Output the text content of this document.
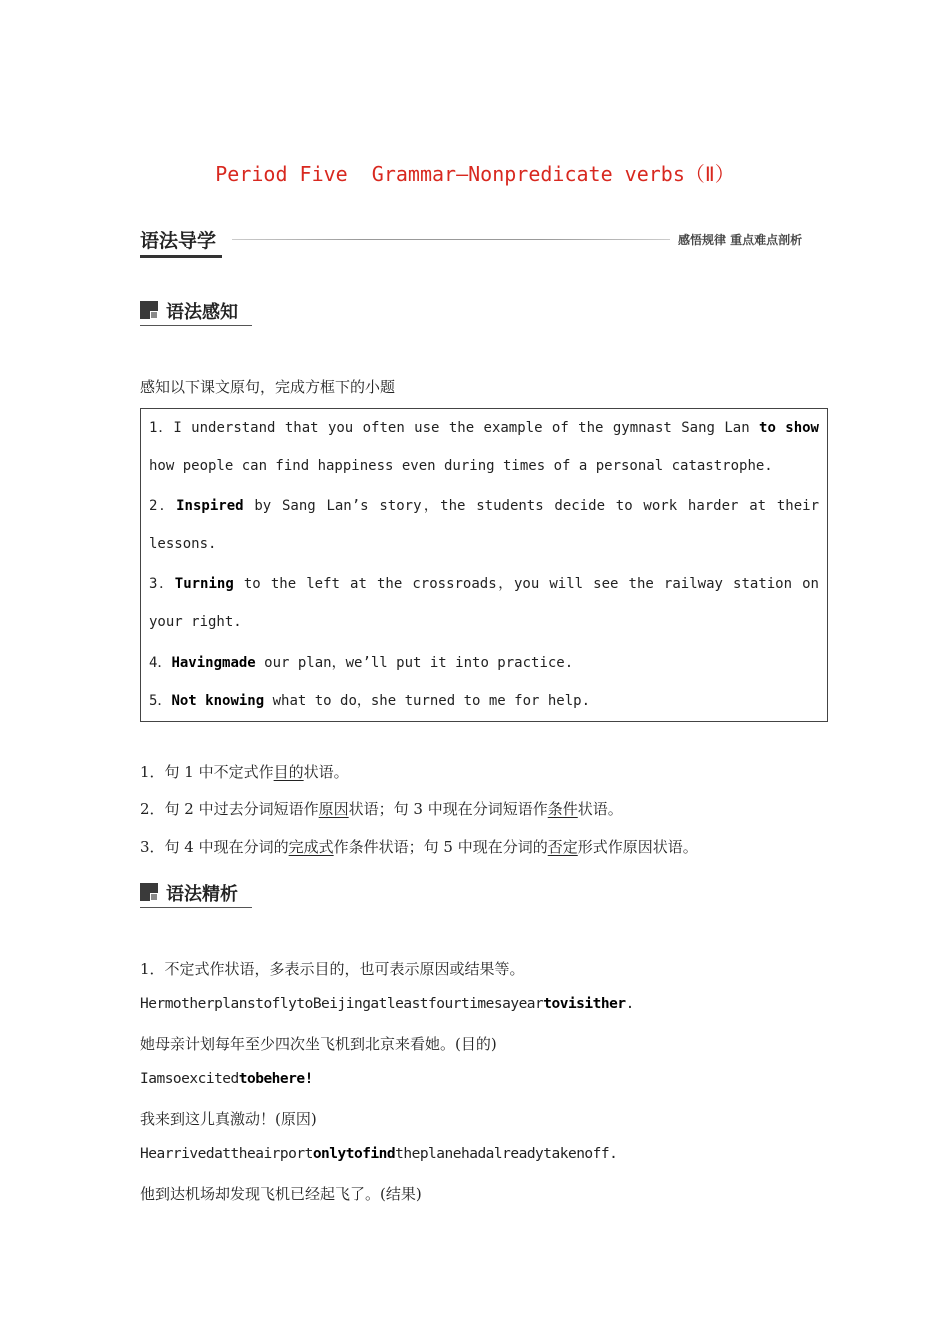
Period Five  Grammar—Nonpredicate verbs（Ⅱ）
语法导学	感悟规律 重点难点剖析
语法感知
感知以下课文原句，完成方框下的小题
1．I understand that you often use the example of the gymnast Sang Lan to show
how people can find happiness even during times of a personal catastrophe.
2．Inspired by Sang Lan’s story，the students decide to work harder at their
lessons.
3．Turning to the left at the crossroads，you will see the railway station on
your right.
4．Havingmade our plan，we’ll put it into practice.
5．Not knowing what to do，she turned to me for help.
1．句 1 中不定式作目的状语。
2．句 2 中过去分词短语作原因状语；句 3 中现在分词短语作条件状语。
3．句 4 中现在分词的完成式作条件状语；句 5 中现在分词的否定形式作原因状语。
语法精析
1．不定式作状语，多表示目的，也可表示原因或结果等。
HermotherplanstoflytoBeijingatleastfourtimesayeartovisither.
她母亲计划每年至少四次坐飞机到北京来看她。(目的)
Iamsoexcitedtobehere!
我来到这儿真激动！(原因)
Hearrivedattheairportonlytofindtheplanehadalreadytakenoff.
他到达机场却发现飞机已经起飞了。(结果)
